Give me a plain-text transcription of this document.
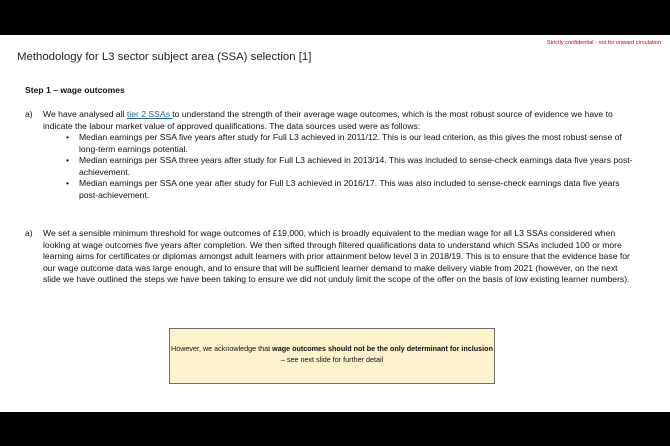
Strictly confidential - not for onward circulation
Methodology for L3 sector subject area (SSA) selection [1]
Step 1 – wage outcomes
a) We have analysed all tier 2 SSAs to understand the strength of their average wage outcomes, which is the most robust source of evidence we have to indicate the labour market value of approved qualifications. The data sources used were as follows:
• Median earnings per SSA five years after study for Full L3 achieved in 2011/12. This is our lead criterion, as this gives the most robust sense of long-term earnings potential.
• Median earnings per SSA three years after study for Full L3 achieved in 2013/14. This was included to sense-check earnings data five years post-achievement.
• Median earnings per SSA one year after study for Full L3 achieved in 2016/17. This was also included to sense-check earnings data five years post-achievement.
a) We set a sensible minimum threshold for wage outcomes of £19,000, which is broadly equivalent to the median wage for all L3 SSAs considered when looking at wage outcomes five years after completion. We then sifted through filtered qualifications data to understand which SSAs included 100 or more learning aims for certificates or diplomas amongst adult learners with prior attainment below level 3 in 2018/19. This is to ensure that the evidence base for our wage outcome data was large enough, and to ensure that will be sufficient learner demand to make delivery viable from 2021 (however, on the next slide we have outlined the steps we have been taking to ensure we did not unduly limit the scope of the offer on the basis of low existing learner numbers).
However, we acknowledge that wage outcomes should not be the only determinant for inclusion – see next slide for further detail
